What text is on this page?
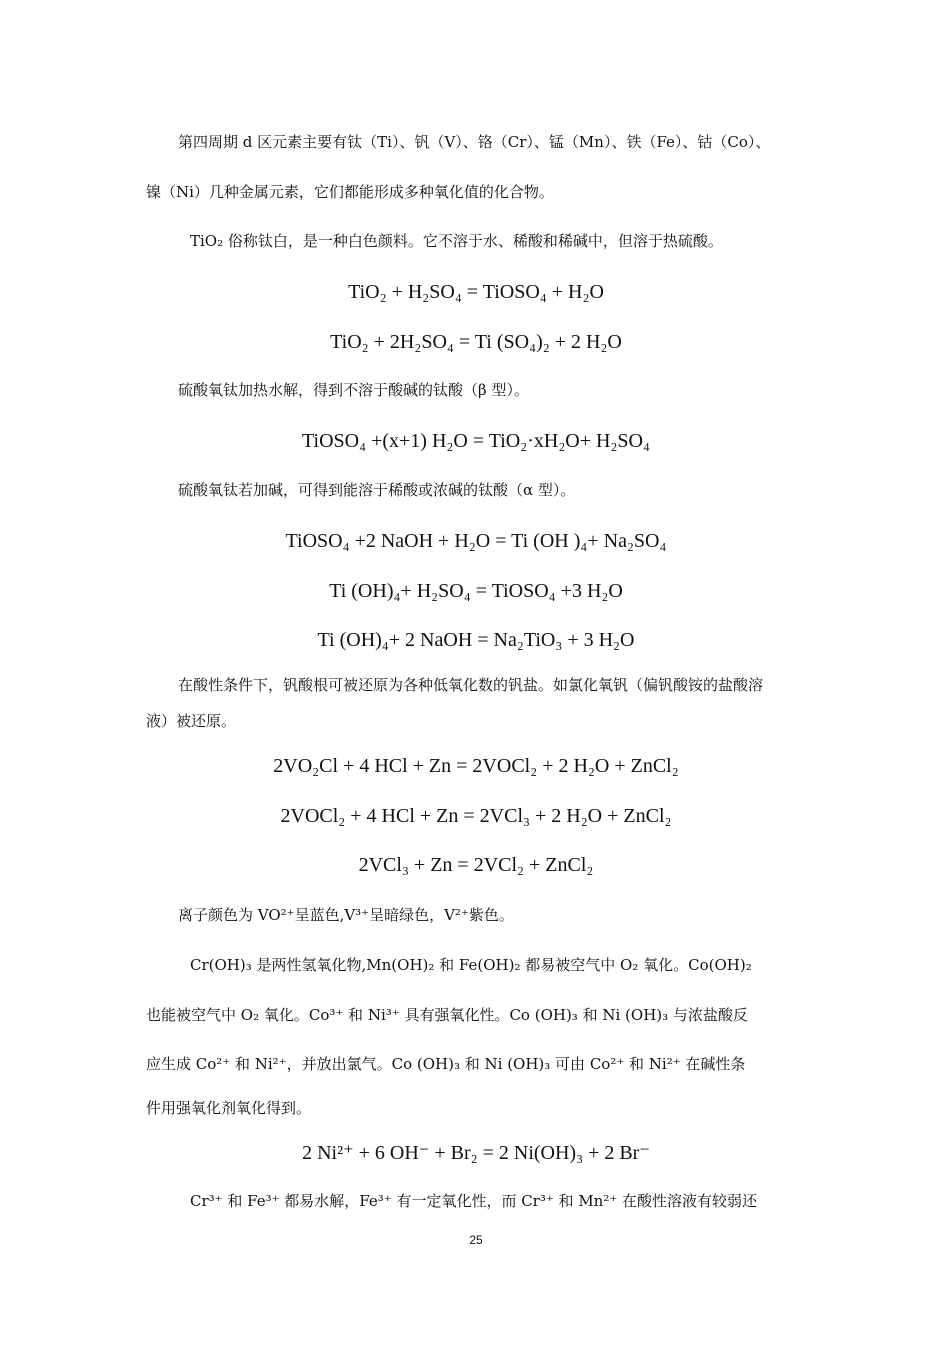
第四周期 d 区元素主要有钛（Ti）、钒（V）、铬（Cr）、锰（Mn）、铁（Fe）、钴（Co）、
镍（Ni）几种金属元素，它们都能形成多种氧化值的化合物。
TiO₂ 俗称钛白，是一种白色颜料。它不溶于水、稀酸和稀碱中，但溶于热硫酸。
TiO₂ + H₂SO₄ = TiOSO₄ + H₂O
TiO₂ + 2H₂SO₄ = Ti (SO₄)₂ + 2 H₂O
硫酸氧钛加热水解，得到不溶于酸碱的钛酸（β 型）。
TiOSO₄ +(x+1) H₂O = TiO₂·xH₂O+ H₂SO₄
硫酸氧钛若加碱，可得到能溶于稀酸或浓碱的钛酸（α 型）。
TiOSO₄ +2 NaOH + H₂O = Ti (OH )₄+ Na₂SO₄
Ti (OH)₄+ H₂SO₄ = TiOSO₄ +3 H₂O
Ti (OH)₄+ 2 NaOH = Na₂TiO₃ + 3 H₂O
在酸性条件下，钒酸根可被还原为各种低氧化数的钒盐。如氯化氧钒（偏钒酸铵的盐酸溶
液）被还原。
2VO₂Cl + 4 HCl + Zn = 2VOCl₂ + 2 H₂O + ZnCl₂
2VOCl₂ + 4 HCl + Zn = 2VCl₃ + 2 H₂O + ZnCl₂
2VCl₃ + Zn = 2VCl₂ + ZnCl₂
离子颜色为 VO²⁺呈蓝色,V³⁺呈暗绿色，V²⁺紫色。
Cr(OH)₃ 是两性氢氧化物,Mn(OH)₂ 和 Fe(OH)₂ 都易被空气中 O₂ 氧化。Co(OH)₂
也能被空气中 O₂ 氧化。Co³⁺ 和 Ni³⁺ 具有强氧化性。Co (OH)₃ 和 Ni (OH)₃ 与浓盐酸反
应生成 Co²⁺ 和 Ni²⁺，并放出氯气。Co (OH)₃ 和 Ni (OH)₃ 可由 Co²⁺ 和 Ni²⁺ 在碱性条
件用强氧化剂氧化得到。
2 Ni²⁺ + 6 OH⁻ + Br₂ = 2 Ni(OH)₃ + 2 Br⁻
Cr³⁺ 和 Fe³⁺ 都易水解，Fe³⁺ 有一定氧化性，而 Cr³⁺ 和 Mn²⁺ 在酸性溶液有较弱还
25
